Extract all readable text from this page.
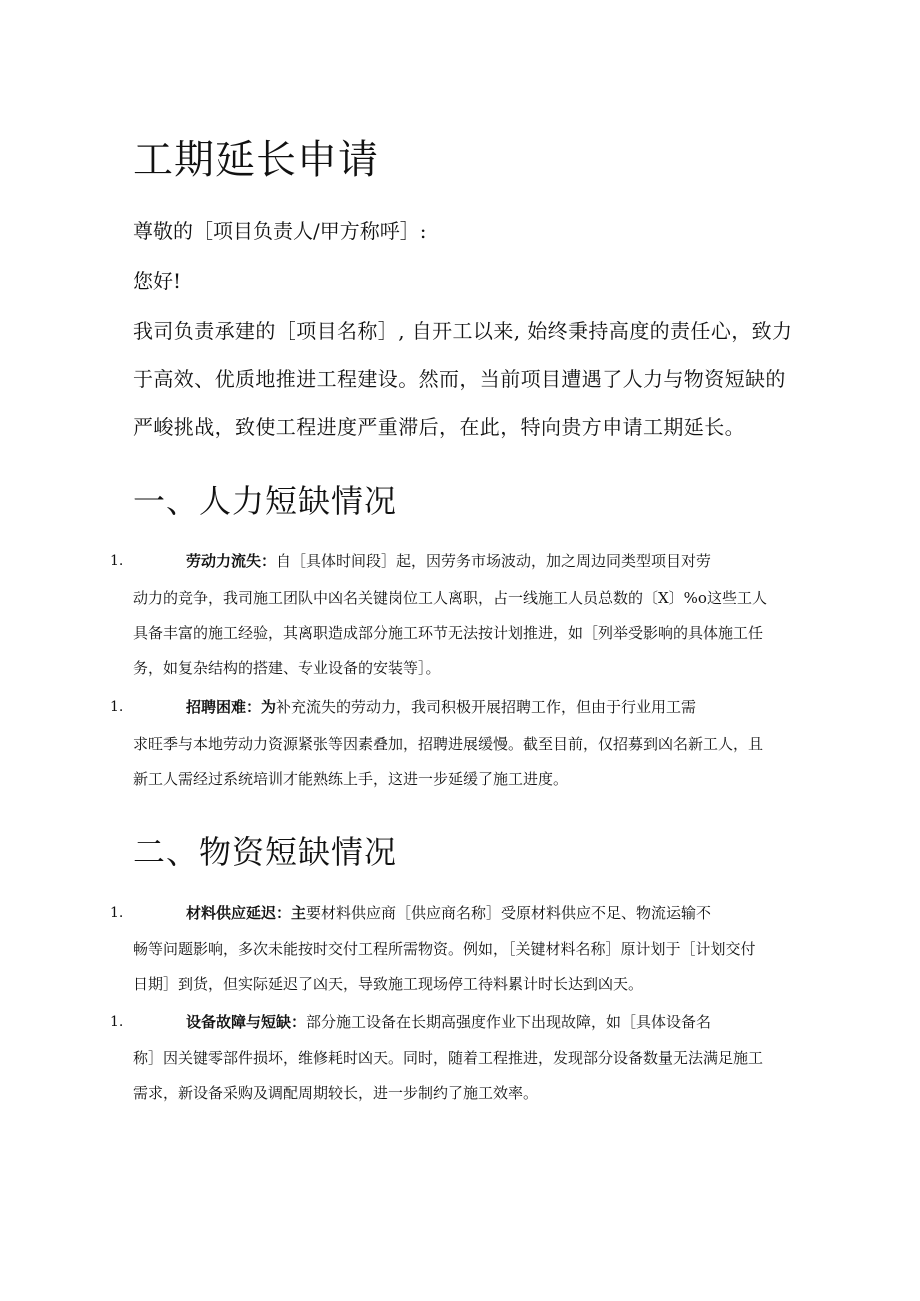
工期延长申请

尊敬的［项目负责人/甲方称呼］:

您好!

我司负责承建的［项目名称］, 自开工以来, 始终秉持高度的责任心，致力
于高效、优质地推进工程建设。然而，当前项目遭遇了人力与物资短缺的
严峻挑战，致使工程进度严重滞后，在此，特向贵方申请工期延长。
一、人力短缺情况
1.	劳动力流失：自［具体时间段］起，因劳务市场波动，加之周边同类型项目对劳
动力的竞争，我司施工团队中凶名关键岗位工人离职，占一线施工人员总数的〔X〕%o这些工人
具备丰富的施工经验，其离职造成部分施工环节无法按计划推进，如［列举受影响的具体施工任
务，如复杂结构的搭建、专业设备的安装等］。
1.	招聘困难：为补充流失的劳动力，我司积极开展招聘工作，但由于行业用工需
求旺季与本地劳动力资源紧张等因素叠加，招聘进展缓慢。截至目前，仅招募到凶名新工人，且
新工人需经过系统培训才能熟练上手，这进一步延缓了施工进度。
二、物资短缺情况
1.	材料供应延迟：主要材料供应商［供应商名称］受原材料供应不足、物流运输不
畅等问题影响，多次未能按时交付工程所需物资。例如，［关键材料名称］原计划于［计划交付
日期］到货，但实际延迟了凶天，导致施工现场停工待料累计时长达到凶天。
1.	设备故障与短缺：部分施工设备在长期高强度作业下出现故障，如［具体设备名
称］因关键零部件损坏，维修耗时凶天。同时，随着工程推进，发现部分设备数量无法满足施工
需求，新设备采购及调配周期较长，进一步制约了施工效率。
